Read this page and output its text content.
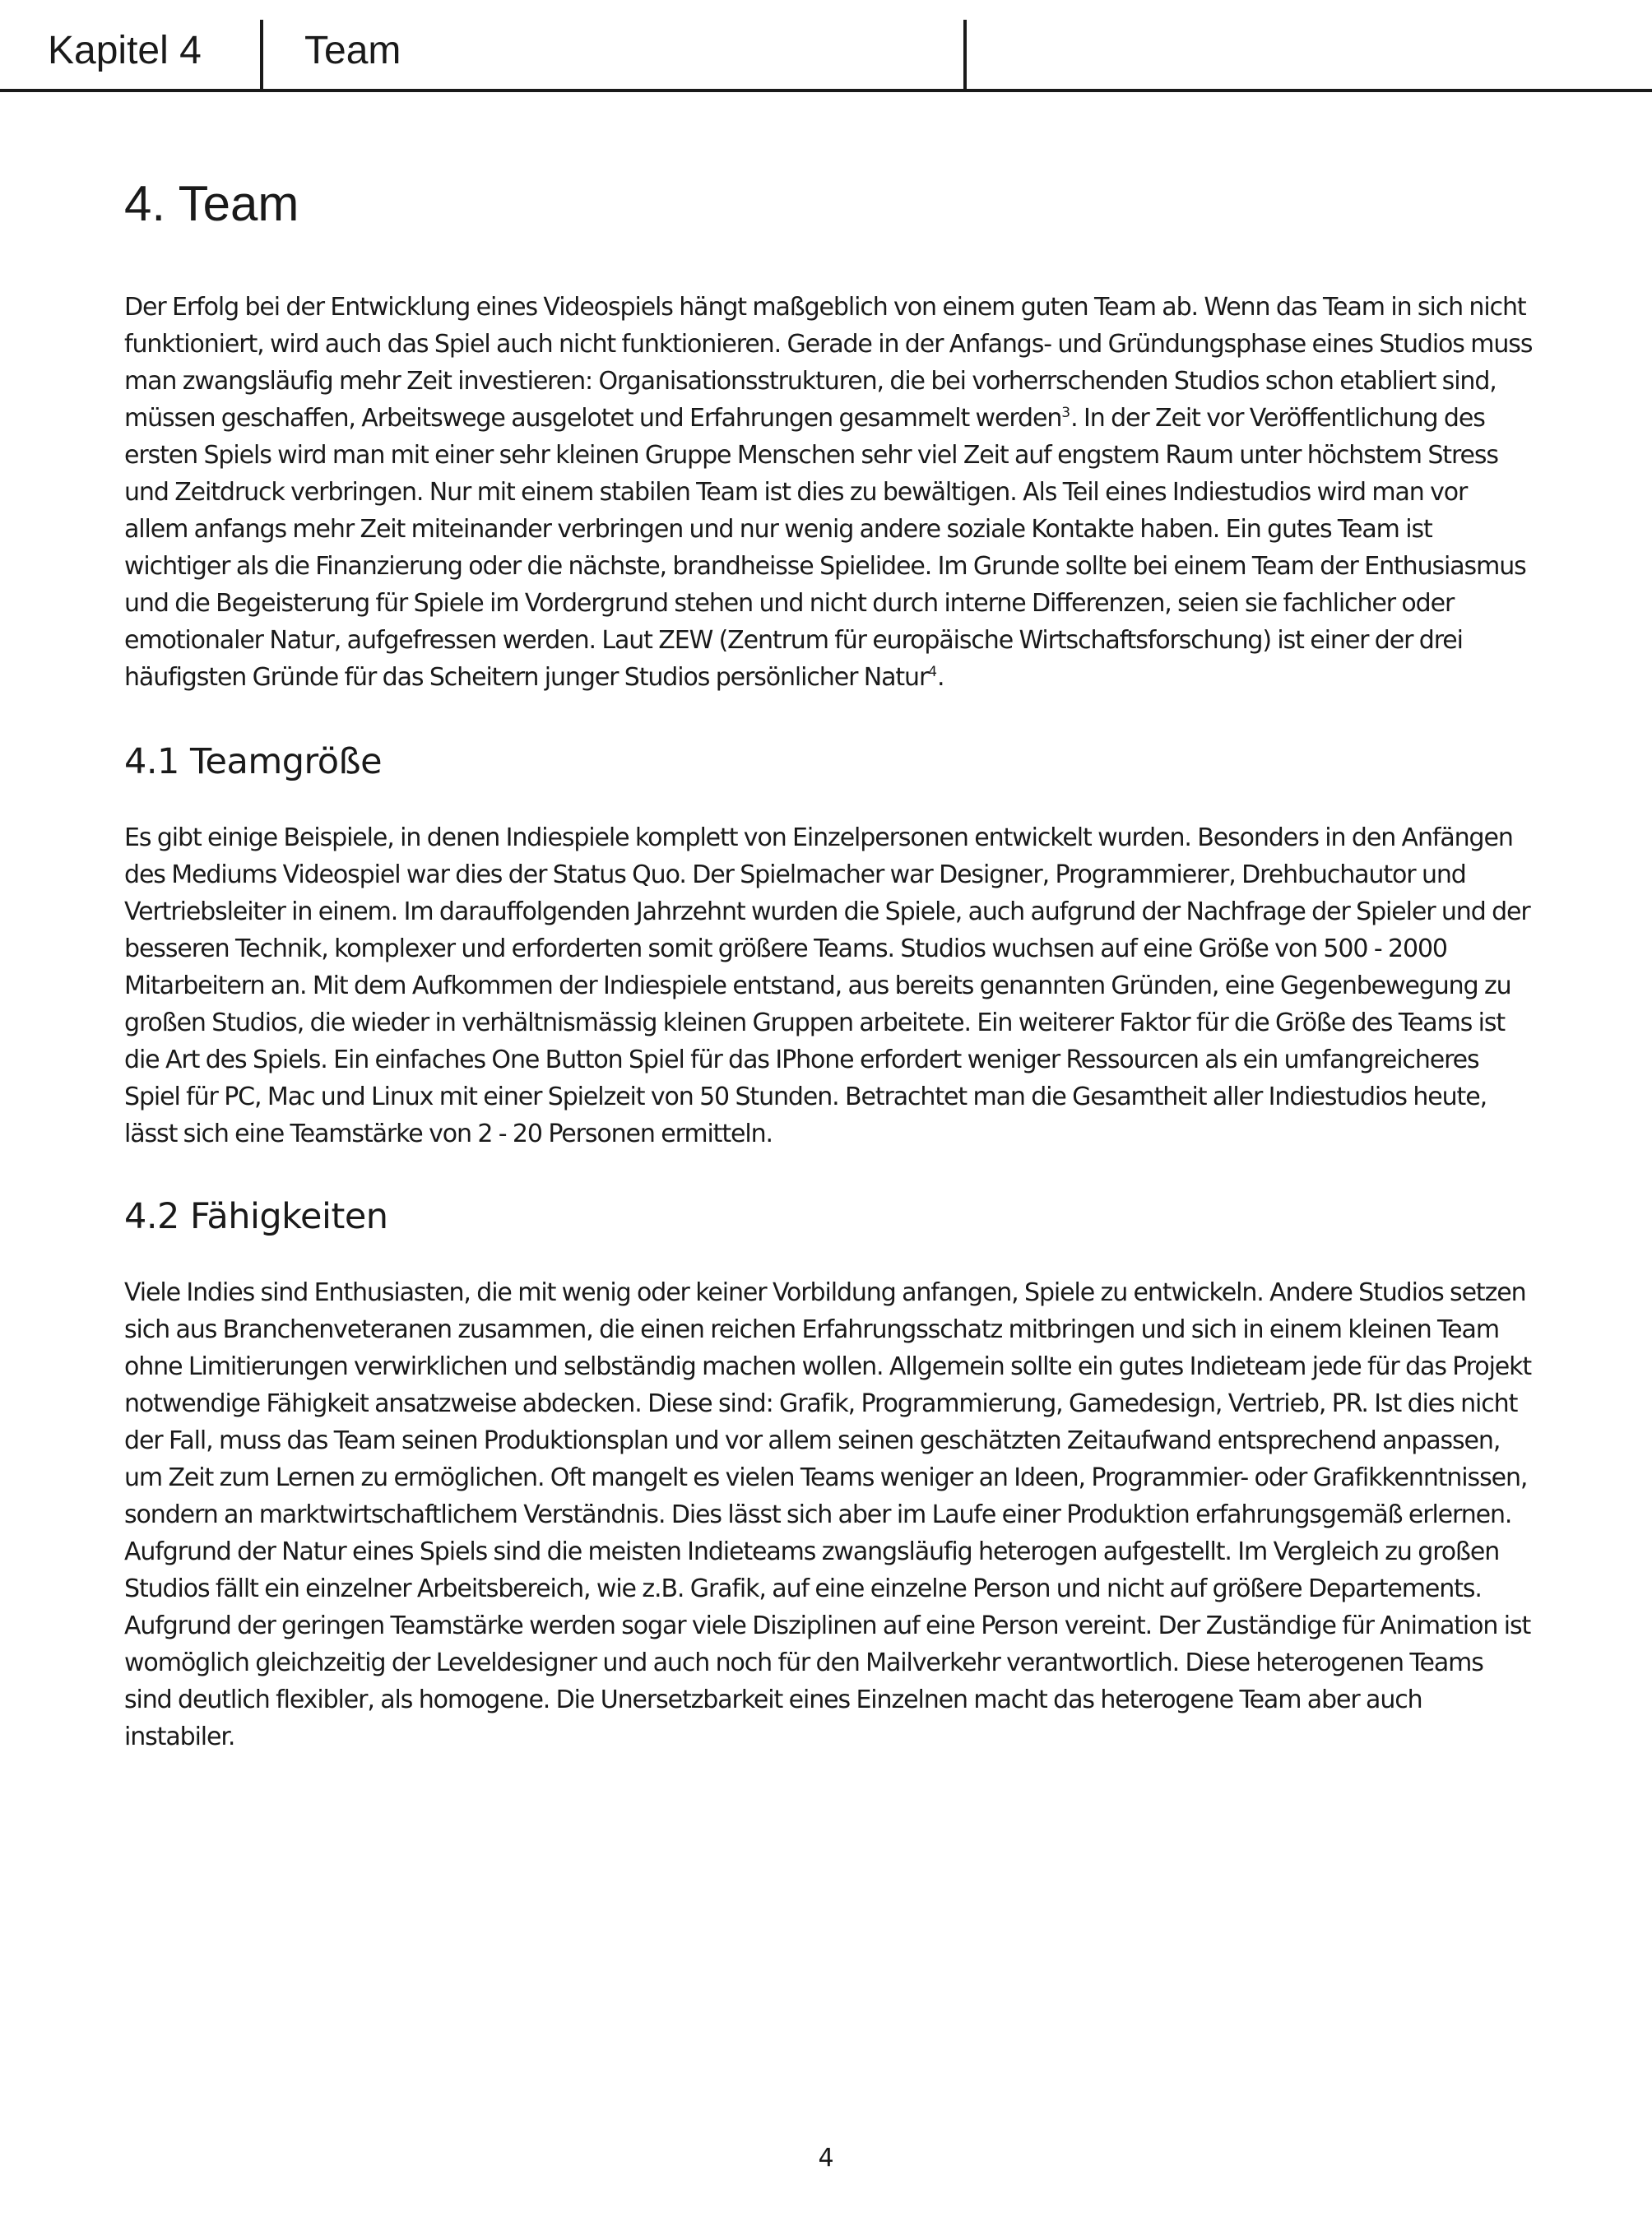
Kapitel 4	Team
4. Team

Der Erfolg bei der Entwicklung eines Videospiels hängt maßgeblich von einem guten Team ab. Wenn das Team in sich nicht funktioniert, wird auch das Spiel auch nicht funktionieren. Gerade in der Anfangs- und Gründungsphase eines Studios muss man zwangsläufig mehr Zeit investieren: Organisationsstrukturen, die bei vorherrschenden Studios schon etabliert sind, müssen geschaffen, Arbeitswege ausgelotet und Erfahrungen gesammelt werden$^3$. In der Zeit vor Veröffentlichung des ersten Spiels wird man mit einer sehr kleinen Gruppe Menschen sehr viel Zeit auf engstem Raum unter höchstem Stress und Zeitdruck verbringen. Nur mit einem stabilen Team ist dies zu bewältigen. Als Teil eines Indiestudios wird man vor allem anfangs mehr Zeit miteinander verbringen und nur wenig andere soziale Kontakte haben. Ein gutes Team ist wichtiger als die Finanzierung oder die nächste, brandheisse Spielidee. Im Grunde sollte bei einem Team der Enthusiasmus und die Begeisterung für Spiele im Vordergrund stehen und nicht durch interne Differenzen, seien sie fachlicher oder emotionaler Natur, aufgefressen werden. Laut ZEW (Zentrum für europäische Wirtschaftsforschung) ist einer der drei häufigsten Gründe für das Scheitern junger Studios persönlicher Natur$^4$.

4.1 Teamgröße

Es gibt einige Beispiele, in denen Indiespiele komplett von Einzelpersonen entwickelt wurden. Besonders in den Anfängen des Mediums Videospiel war dies der Status Quo. Der Spielmacher war Designer, Programmierer, Drehbuchautor und Vertriebsleiter in einem. Im darauffolgenden Jahrzehnt wurden die Spiele, auch aufgrund der Nachfrage der Spieler und der besseren Technik, komplexer und erforderten somit größere Teams. Studios wuchsen auf eine Größe von 500 - 2000 Mitarbeitern an. Mit dem Aufkommen der Indiespiele entstand, aus bereits genannten Gründen, eine Gegenbewegung zu großen Studios, die wieder in verhältnismässig kleinen Gruppen arbeitete. Ein weiterer Faktor für die Größe des Teams ist die Art des Spiels. Ein einfaches One Button Spiel für das IPhone erfordert weniger Ressourcen als ein umfangreicheres Spiel für PC, Mac und Linux mit einer Spielzeit von 50 Stunden. Betrachtet man die Gesamtheit aller Indiestudios heute, lässt sich eine Teamstärke von 2 - 20 Personen ermitteln.

4.2 Fähigkeiten

Viele Indies sind Enthusiasten, die mit wenig oder keiner Vorbildung anfangen, Spiele zu entwickeln. Andere Studios setzen sich aus Branchenveteranen zusammen, die einen reichen Erfahrungsschatz mitbringen und sich in einem kleinen Team ohne Limitierungen verwirklichen und selbständig machen wollen. Allgemein sollte ein gutes Indieteam jede für das Projekt notwendige Fähigkeit ansatzweise abdecken. Diese sind: Grafik, Programmierung, Gamedesign, Vertrieb, PR. Ist dies nicht der Fall, muss das Team seinen Produktionsplan und vor allem seinen geschätzten Zeitaufwand entsprechend anpassen, um Zeit zum Lernen zu ermöglichen. Oft mangelt es vielen Teams weniger an Ideen, Programmier- oder Grafikkenntnissen, sondern an marktwirtschaftlichem Verständnis. Dies lässt sich aber im Laufe einer Produktion erfahrungsgemäß erlernen.

Aufgrund der Natur eines Spiels sind die meisten Indieteams zwangsläufig heterogen aufgestellt. Im Vergleich zu großen Studios fällt ein einzelner Arbeitsbereich, wie z.B. Grafik, auf eine einzelne Person und nicht auf größere Departements. Aufgrund der geringen Teamstärke werden sogar viele Disziplinen auf eine Person vereint. Der Zuständige für Animation ist womöglich gleichzeitig der Leveldesigner und auch noch für den Mailverkehr verantwortlich. Diese heterogenen Teams sind deutlich flexibler, als homogene. Die Unersetzbarkeit eines Einzelnen macht das heterogene Team aber auch instabiler.

4
